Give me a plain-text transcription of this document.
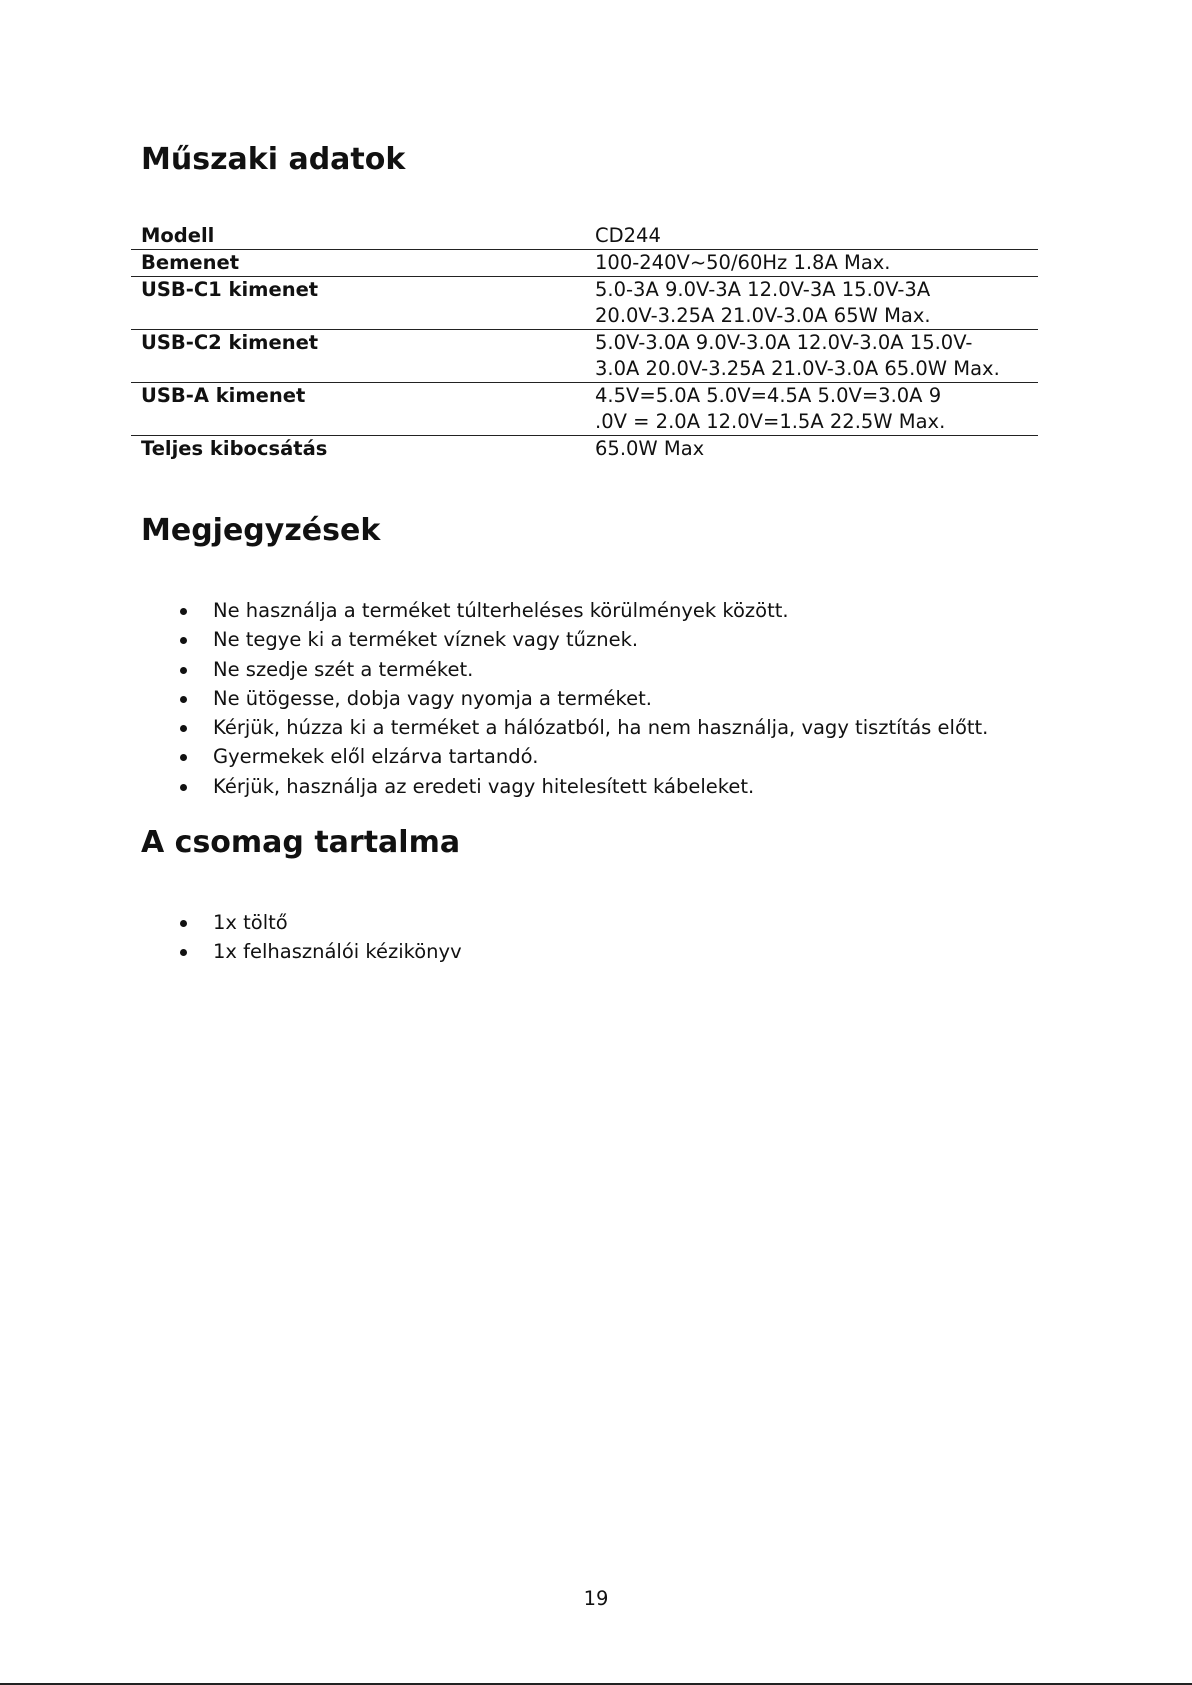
Műszaki adatok
Modell	CD244
Bemenet	100-240V~50/60Hz 1.8A Max.
USB-C1 kimenet	5.0-3A 9.0V-3A 12.0V-3A 15.0V-3A
20.0V-3.25A 21.0V-3.0A 65W Max.
USB-C2 kimenet	5.0V-3.0A 9.0V-3.0A 12.0V-3.0A 15.0V-
3.0A 20.0V-3.25A 21.0V-3.0A 65.0W Max.
USB-A kimenet	4.5V=5.0A 5.0V=4.5A 5.0V=3.0A 9
.0V = 2.0A 12.0V=1.5A 22.5W Max.
Teljes kibocsátás	65.0W Max
Megjegyzések
Ne használja a terméket túlterheléses körülmények között.
Ne tegye ki a terméket víznek vagy tűznek.
Ne szedje szét a terméket.
Ne ütögesse, dobja vagy nyomja a terméket.
Kérjük, húzza ki a terméket a hálózatból, ha nem használja, vagy tisztítás előtt.
Gyermekek elől elzárva tartandó.
Kérjük, használja az eredeti vagy hitelesített kábeleket.
A csomag tartalma
1x töltő
1x felhasználói kézikönyv
19
